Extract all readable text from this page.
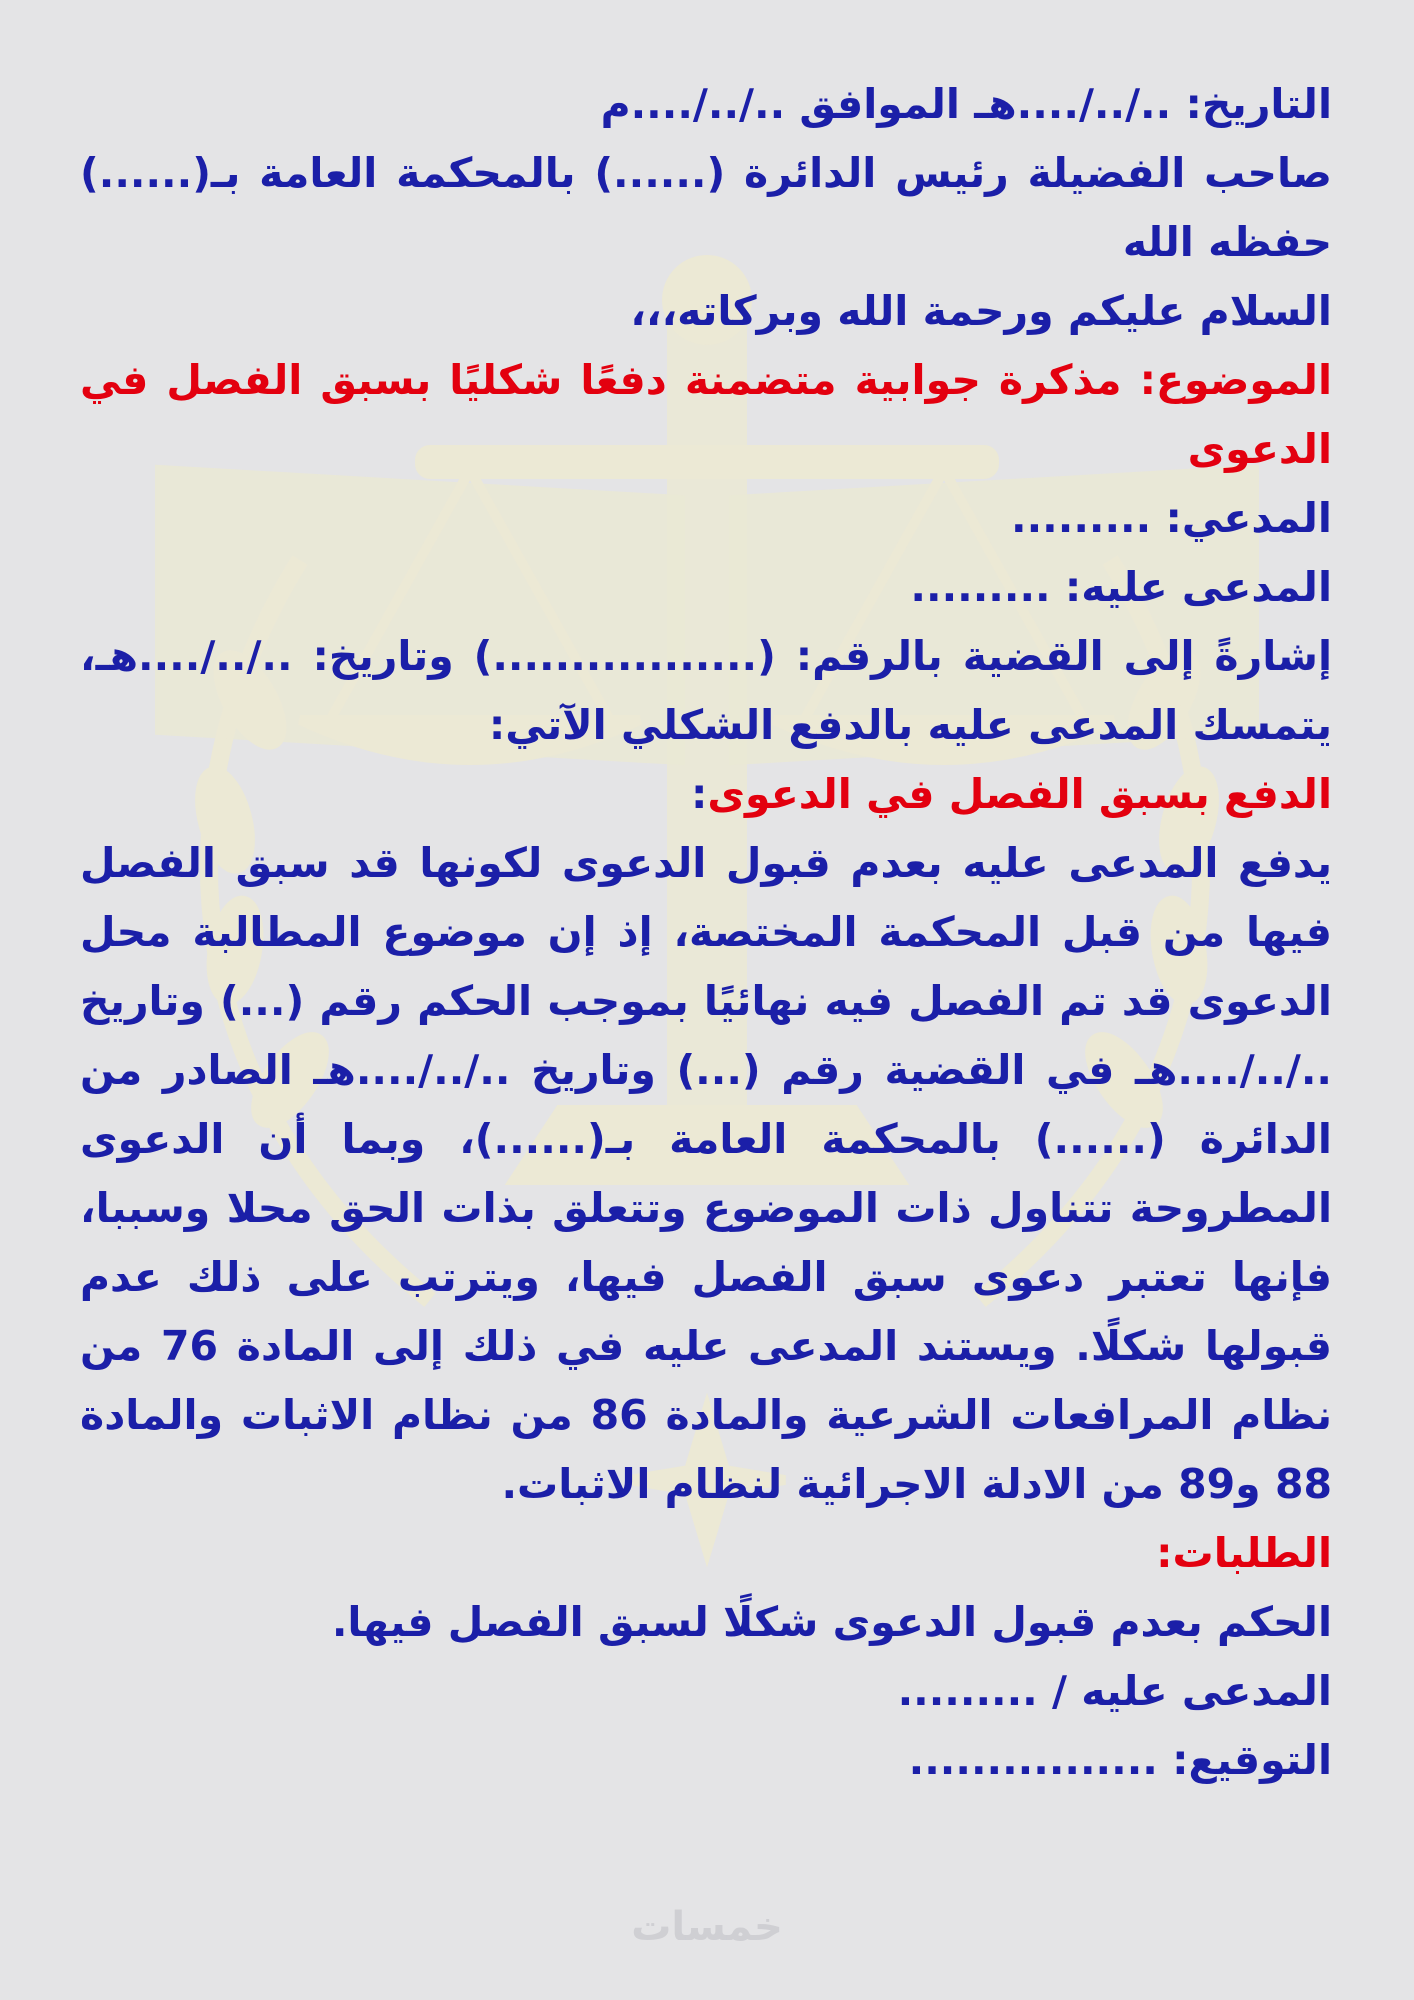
التاريخ: ../../....هـ الموافق ../../....م

صاحب الفضيلة رئيس الدائرة (......) بالمحكمة العامة بـ(......)

حفظه الله

السلام عليكم ورحمة الله وبركاته،،،

الموضوع: مذكرة جوابية متضمنة دفعًا شكليًا بسبق الفصل في الدعوى

المدعي: .........

المدعى عليه: .........

إشارةً إلى القضية بالرقم: (.................) وتاريخ: ../../....هـ،

يتمسك المدعى عليه بالدفع الشكلي الآتي:

الدفع بسبق الفصل في الدعوى:

يدفع المدعى عليه بعدم قبول الدعوى لكونها قد سبق الفصل فيها من قبل المحكمة المختصة، إذ إن موضوع المطالبة محل الدعوى قد تم الفصل فيه نهائيًا بموجب الحكم رقم (...) وتاريخ ../../....هـ في القضية رقم (...) وتاريخ ../../....هـ الصادر من الدائرة (......) بالمحكمة العامة بـ(......)، وبما أن الدعوى المطروحة تتناول ذات الموضوع وتتعلق بذات الحق محلا وسببا، فإنها تعتبر دعوى سبق الفصل فيها، ويترتب على ذلك عدم قبولها شكلًا. ويستند المدعى عليه في ذلك إلى المادة 76 من نظام المرافعات الشرعية والمادة 86 من نظام الاثبات والمادة 88 و89 من الادلة الاجرائية لنظام الاثبات.

الطلبات:

الحكم بعدم قبول الدعوى شكلًا لسبق الفصل فيها.

المدعى عليه / .........

التوقيع: ................

خمسات
